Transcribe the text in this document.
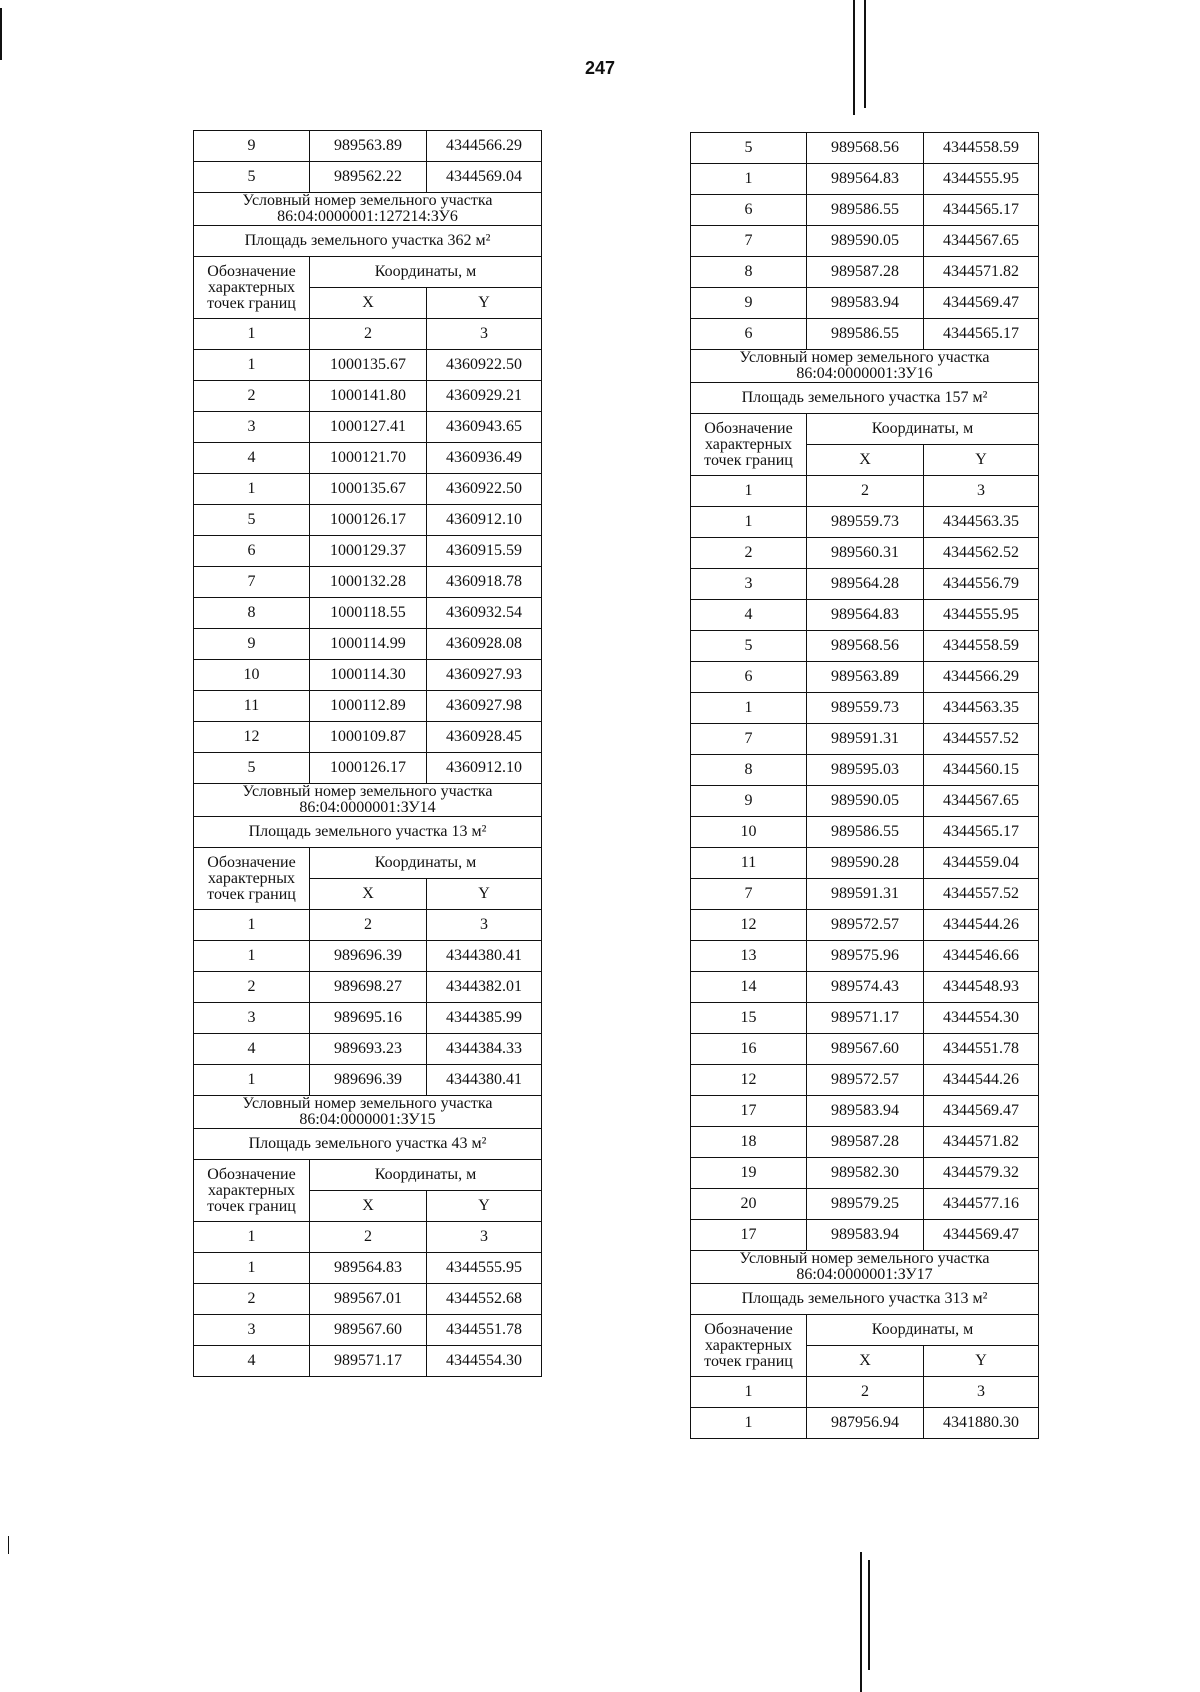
247
9	989563.89	4344566.29
5	989562.22	4344569.04
Условный номер земельного участка 86:04:0000001:127214:ЗУ6		
Площадь земельного участка 362 м²		
Обозначение характерных точек границ	Координаты, м	
	X	Y
1	2	3
1	1000135.67	4360922.50
2	1000141.80	4360929.21
3	1000127.41	4360943.65
4	1000121.70	4360936.49
1	1000135.67	4360922.50
5	1000126.17	4360912.10
6	1000129.37	4360915.59
7	1000132.28	4360918.78
8	1000118.55	4360932.54
9	1000114.99	4360928.08
10	1000114.30	4360927.93
11	1000112.89	4360927.98
12	1000109.87	4360928.45
5	1000126.17	4360912.10
Условный номер земельного участка 86:04:0000001:ЗУ14		
Площадь земельного участка 13 м²		
Обозначение характерных точек границ	Координаты, м	
	X	Y
1	2	3
1	989696.39	4344380.41
2	989698.27	4344382.01
3	989695.16	4344385.99
4	989693.23	4344384.33
1	989696.39	4344380.41
Условный номер земельного участка 86:04:0000001:ЗУ15		
Площадь земельного участка 43 м²		
Обозначение характерных точек границ	Координаты, м	
	X	Y
1	2	3
1	989564.83	4344555.95
2	989567.01	4344552.68
3	989567.60	4344551.78
4	989571.17	4344554.30
5	989568.56	4344558.59
1	989564.83	4344555.95
6	989586.55	4344565.17
7	989590.05	4344567.65
8	989587.28	4344571.82
9	989583.94	4344569.47
6	989586.55	4344565.17
Условный номер земельного участка 86:04:0000001:ЗУ16		
Площадь земельного участка 157 м²		
Обозначение характерных точек границ	Координаты, м	
	X	Y
1	2	3
1	989559.73	4344563.35
2	989560.31	4344562.52
3	989564.28	4344556.79
4	989564.83	4344555.95
5	989568.56	4344558.59
6	989563.89	4344566.29
1	989559.73	4344563.35
7	989591.31	4344557.52
8	989595.03	4344560.15
9	989590.05	4344567.65
10	989586.55	4344565.17
11	989590.28	4344559.04
7	989591.31	4344557.52
12	989572.57	4344544.26
13	989575.96	4344546.66
14	989574.43	4344548.93
15	989571.17	4344554.30
16	989567.60	4344551.78
12	989572.57	4344544.26
17	989583.94	4344569.47
18	989587.28	4344571.82
19	989582.30	4344579.32
20	989579.25	4344577.16
17	989583.94	4344569.47
Условный номер земельного участка 86:04:0000001:ЗУ17		
Площадь земельного участка 313 м²		
Обозначение характерных точек границ	Координаты, м	
	X	Y
1	2	3
1	987956.94	4341880.30
